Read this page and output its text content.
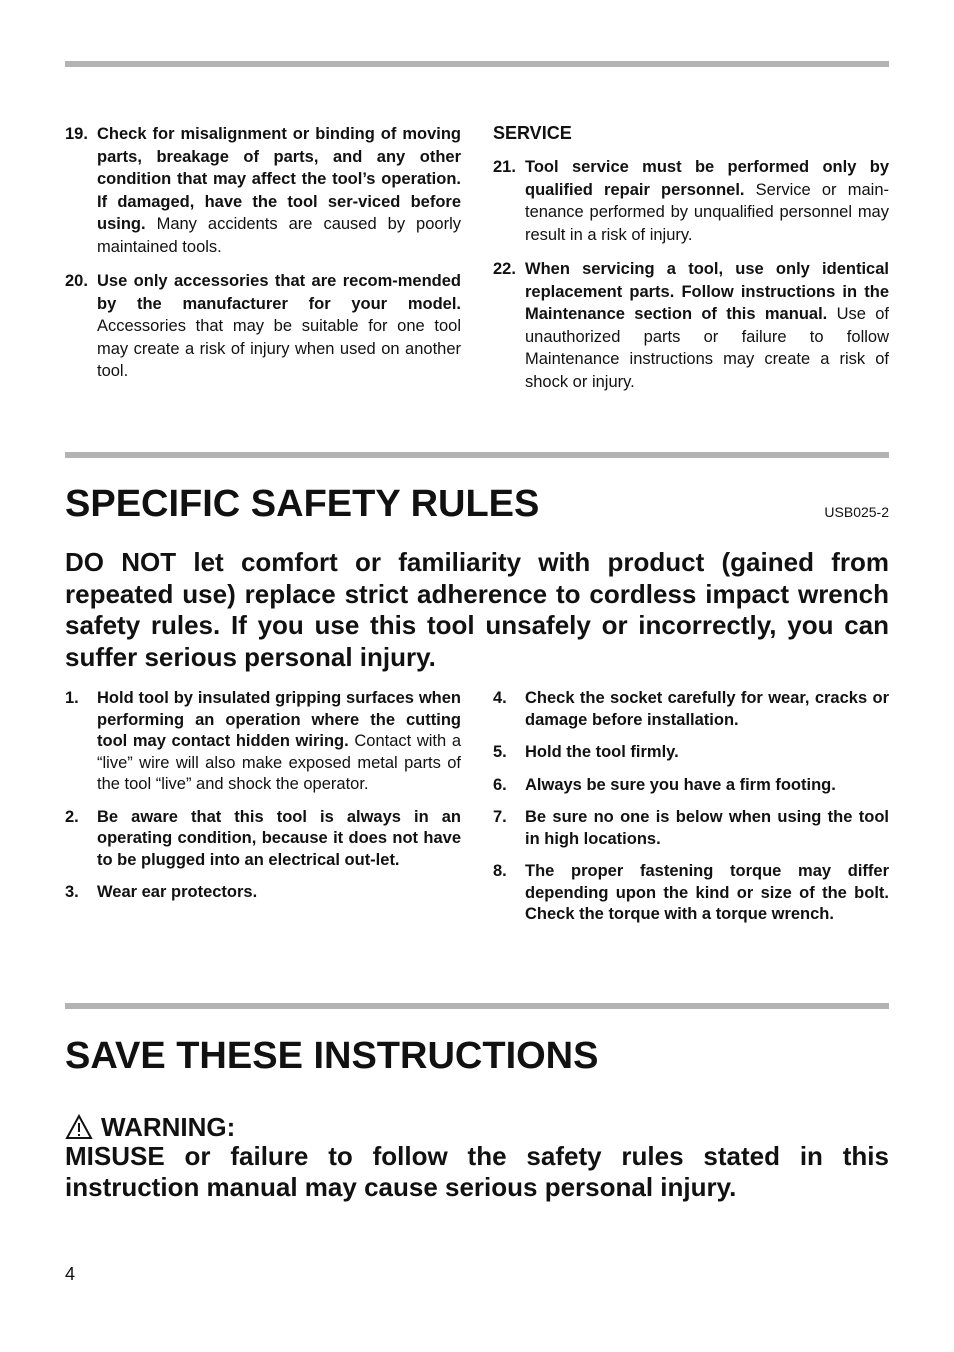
19. Check for misalignment or binding of moving parts, breakage of parts, and any other condition that may affect the tool’s operation. If damaged, have the tool ser-viced before using. Many accidents are caused by poorly maintained tools.
20. Use only accessories that are recom-mended by the manufacturer for your model. Accessories that may be suitable for one tool may create a risk of injury when used on another tool.
SERVICE
21. Tool service must be performed only by qualified repair personnel. Service or main-tenance performed by unqualified personnel may result in a risk of injury.
22. When servicing a tool, use only identical replacement parts. Follow instructions in the Maintenance section of this manual. Use of unauthorized parts or failure to follow Maintenance instructions may create a risk of shock or injury.
SPECIFIC SAFETY RULES	USB025-2
DO NOT let comfort or familiarity with product (gained from repeated use) replace strict adherence to cordless impact wrench safety rules. If you use this tool unsafely or incorrectly, you can suffer serious personal injury.
1. Hold tool by insulated gripping surfaces when performing an operation where the cutting tool may contact hidden wiring. Contact with a “live” wire will also make exposed metal parts of the tool “live” and shock the operator.
2. Be aware that this tool is always in an operating condition, because it does not have to be plugged into an electrical out-let.
3. Wear ear protectors.
4. Check the socket carefully for wear, cracks or damage before installation.
5. Hold the tool firmly.
6. Always be sure you have a firm footing.
7. Be sure no one is below when using the tool in high locations.
8. The proper fastening torque may differ depending upon the kind or size of the bolt. Check the torque with a torque wrench.
SAVE THESE INSTRUCTIONS
WARNING:
MISUSE or failure to follow the safety rules stated in this instruction manual may cause serious personal injury.
4
